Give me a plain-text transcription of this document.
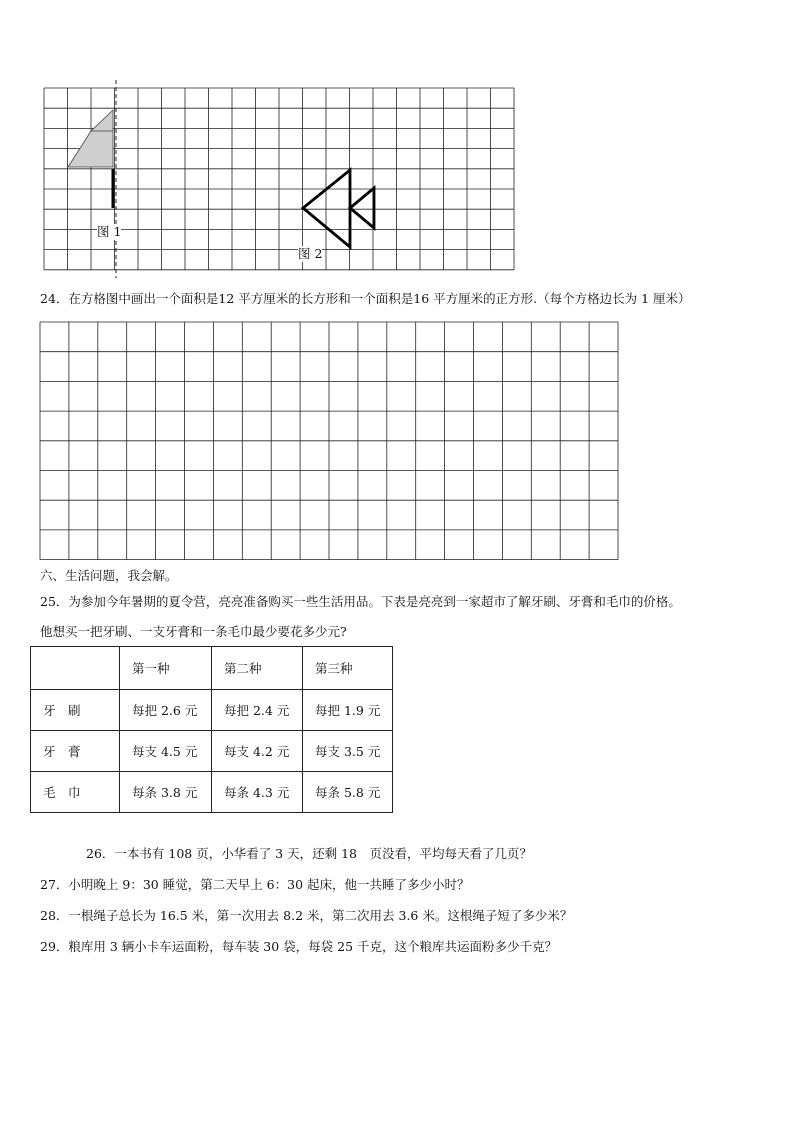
图 1
图 2
24．在方格图中画出一个面积是12 平方厘米的长方形和一个面积是16 平方厘米的正方形.（每个方格边长为 1 厘米）
六、生活问题，我会解。
25．为参加今年暑期的夏令营，亮亮准备购买一些生活用品。下表是亮亮到一家超市了解牙刷、牙膏和毛巾的价格。
他想买一把牙刷、一支牙膏和一条毛巾最少要花多少元?
	第一种	第二种	第三种
牙　刷	每把 2.6 元	每把 2.4 元	每把 1.9 元
牙　膏	每支 4.5 元	每支 4.2 元	每支 3.5 元
毛　巾	每条 3.8 元	每条 4.3 元	每条 5.8 元
26．一本书有 108 页，小华看了 3 天，还剩 18　页没看，平均每天看了几页？
27．小明晚上 9：30 睡觉，第二天早上 6：30 起床，他一共睡了多少小时？
28．一根绳子总长为 16.5 米，第一次用去 8.2 米，第二次用去 3.6 米。这根绳子短了多少米？
29．粮库用 3 辆小卡车运面粉，每车装 30 袋，每袋 25 千克，这个粮库共运面粉多少千克？
